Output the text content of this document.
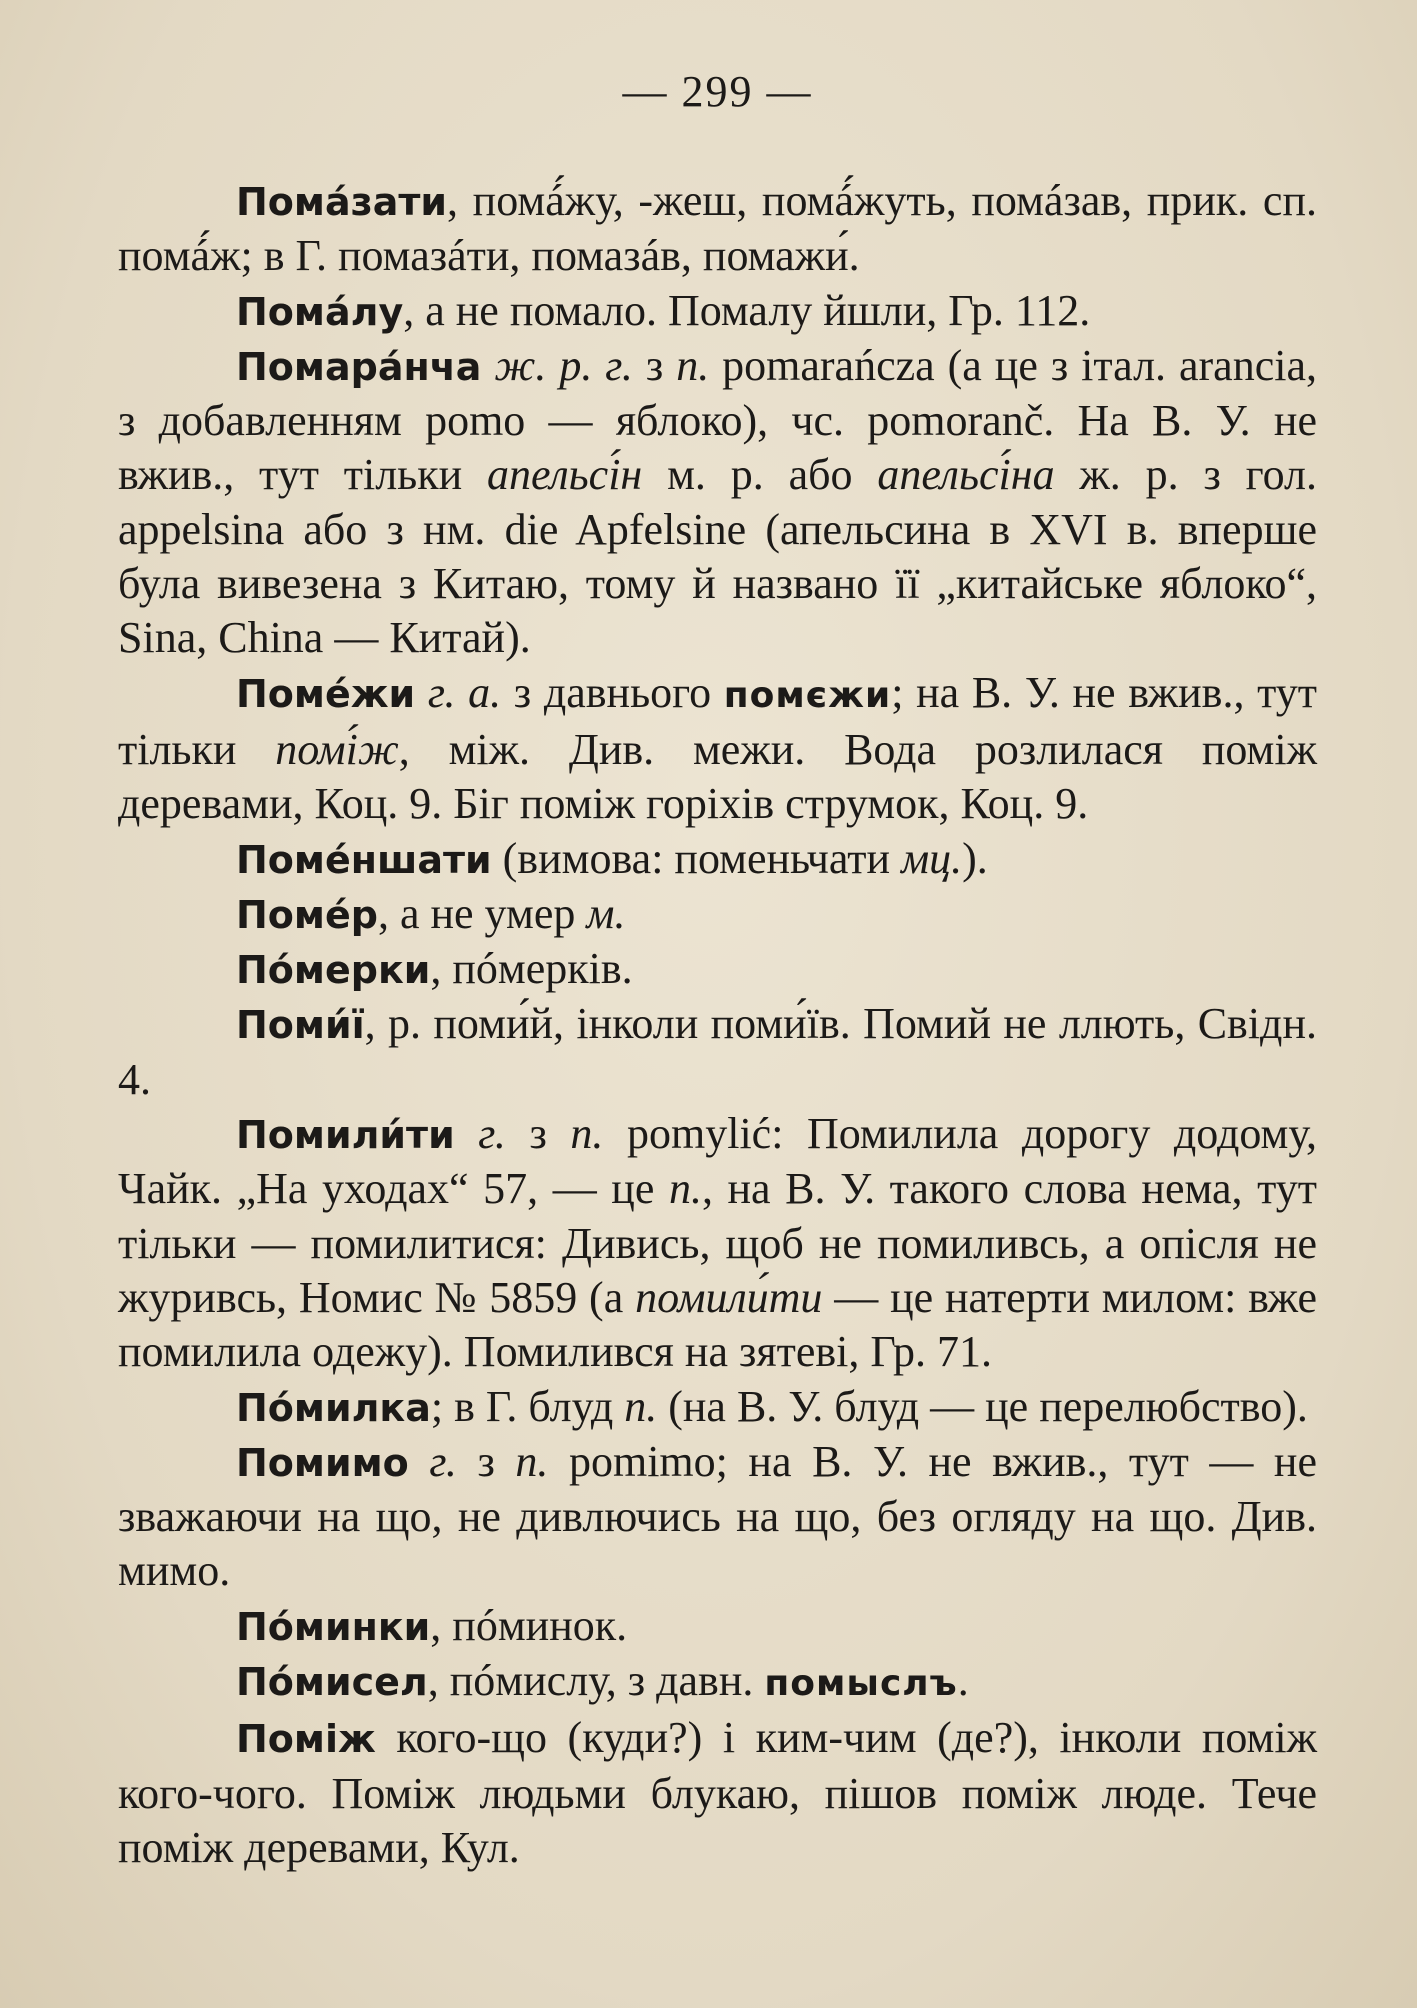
— 299 —

Пома́зати, помá́жу, -жеш, помá́жуть, помáзав, прик. сп. помá́ж; в Г. помазáти, помазáв, помажи́.

Пома́лу, а не помало. Помалу йшли, Гр. 112.

Помара́нча ж. р. г. з п. pomarańcza (а це з італ. arancia, з добавленням pomo — яблоко), чс. pomoranč. На В. У. не вжив., тут тільки апельсі́н м. р. або апельсі́на ж. р. з гол. appelsina або з нм. die Apfelsine (апельсина в XVI в. вперше була вивезена з Китаю, тому й названо її „китайське яблоко“, Sina, China — Китай).

Поме́жи г. а. з давнього помєжи; на В. У. не вжив., тут тільки помі́ж, між. Див. межи. Вода розлилася поміж деревами, Коц. 9. Біг поміж горіхів струмок, Коц. 9.

Поме́ншати (вимова: поменьчати мц.).

Поме́р, а не умер м.

По́мерки, пóмерків.

Поми́ї, р. поми́й, інколи поми́їв. Помий не ллють, Свідн. 4.

Помили́ти г. з п. pomylić: Помилила дорогу додому, Чайк. „На уходах“ 57, — це п., на В. У. такого слова нема, тут тільки — помилитися: Дивись, щоб не помиливсь, а опісля не журивсь, Номис № 5859 (а помили́ти — це натерти милом: вже помилила одежу). Помилився на зятеві, Гр. 71.

По́милка; в Г. блуд п. (на В. У. блуд — це перелюбство).

Помимо г. з п. pomimo; на В. У. не вжив., тут — не зважаючи на що, не дивлючись на що, без огляду на що. Див. мимо.

По́минки, пóминок.

По́мисел, пóмислу, з давн. помыслъ.

Поміж кого-що (куди?) і ким-чим (де?), інколи поміж кого-чого. Поміж людьми блукаю, пішов поміж люде. Тече поміж деревами, Кул.
